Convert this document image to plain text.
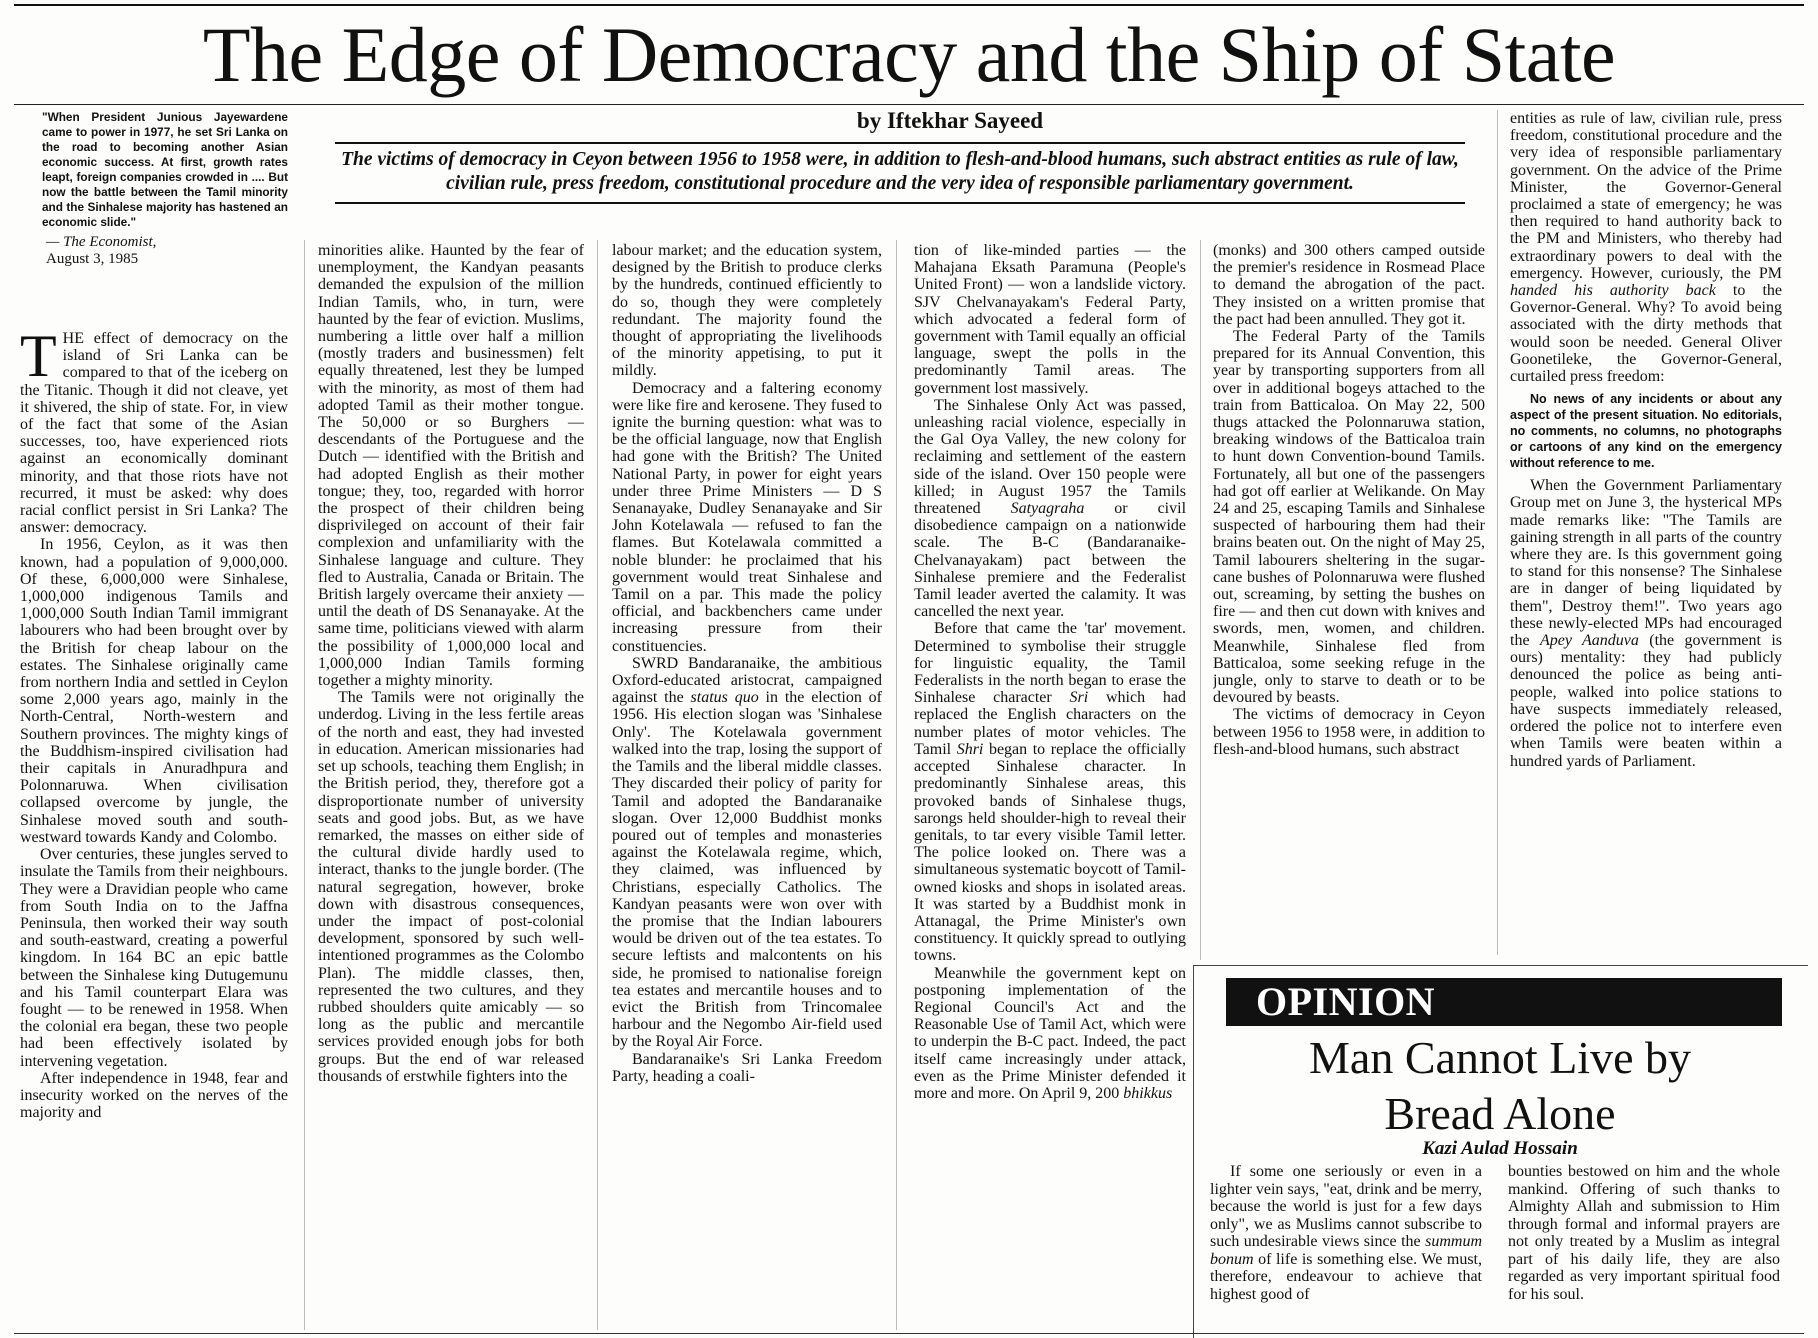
The Edge of Democracy and the Ship of State
by Iftekhar Sayeed

The victims of democracy in Ceyon between 1956 to 1958 were, in addition to flesh-and-blood humans, such abstract entities as rule of law, civilian rule, press freedom, constitutional procedure and the very idea of responsible parliamentary government.

"When President Junious Jayewardene came to power in 1977, he set Sri Lanka on the road to becoming another Asian economic success. At first, growth rates leapt, foreign companies crowded in .... But now the battle between the Tamil minority and the Sinhalese majority has hastened an economic slide."

— The Economist,

August 3, 1985

THE effect of democracy on the island of Sri Lanka can be compared to that of the iceberg on the Titanic. Though it did not cleave, yet it shivered, the ship of state. For, in view of the fact that some of the Asian successes, too, have experienced riots against an economically dominant minority, and that those riots have not recurred, it must be asked: why does racial conflict persist in Sri Lanka? The answer: democracy.

In 1956, Ceylon, as it was then known, had a population of 9,000,000. Of these, 6,000,000 were Sinhalese, 1,000,000 indigenous Tamils and 1,000,000 South Indian Tamil immigrant labourers who had been brought over by the British for cheap labour on the estates. The Sinhalese originally came from northern India and settled in Ceylon some 2,000 years ago, mainly in the North-Central, North-western and Southern provinces. The mighty kings of the Buddhism-inspired civilisation had their capitals in Anuradhpura and Polonnaruwa. When civilisation collapsed overcome by jungle, the Sinhalese moved south and south-westward towards Kandy and Colombo.

Over centuries, these jungles served to insulate the Tamils from their neighbours. They were a Dravidian people who came from South India on to the Jaffna Peninsula, then worked their way south and south-eastward, creating a powerful kingdom. In 164 BC an epic battle between the Sinhalese king Dutugemunu and his Tamil counterpart Elara was fought — to be renewed in 1958. When the colonial era began, these two people had been effectively isolated by intervening vegetation.

After independence in 1948, fear and insecurity worked on the nerves of the majority and

minorities alike. Haunted by the fear of unemployment, the Kandyan peasants demanded the expulsion of the million Indian Tamils, who, in turn, were haunted by the fear of eviction. Muslims, numbering a little over half a million (mostly traders and businessmen) felt equally threatened, lest they be lumped with the minority, as most of them had adopted Tamil as their mother tongue. The 50,000 or so Burghers — descendants of the Portuguese and the Dutch — identified with the British and had adopted English as their mother tongue; they, too, regarded with horror the prospect of their children being disprivileged on account of their fair complexion and unfamiliarity with the Sinhalese language and culture. They fled to Australia, Canada or Britain. The British largely overcame their anxiety — until the death of DS Senanayake. At the same time, politicians viewed with alarm the possibility of 1,000,000 local and 1,000,000 Indian Tamils forming together a mighty minority.

The Tamils were not originally the underdog. Living in the less fertile areas of the north and east, they had invested in education. American missionaries had set up schools, teaching them English; in the British period, they, therefore got a disproportionate number of university seats and good jobs. But, as we have remarked, the masses on either side of the cultural divide hardly used to interact, thanks to the jungle border. (The natural segregation, however, broke down with disastrous consequences, under the impact of post-colonial development, sponsored by such well-intentioned programmes as the Colombo Plan). The middle classes, then, represented the two cultures, and they rubbed shoulders quite amicably — so long as the public and mercantile services provided enough jobs for both groups. But the end of war released thousands of erstwhile fighters into the

labour market; and the education system, designed by the British to produce clerks by the hundreds, continued efficiently to do so, though they were completely redundant. The majority found the thought of appropriating the livelihoods of the minority appetising, to put it mildly.

Democracy and a faltering economy were like fire and kerosene. They fused to ignite the burning question: what was to be the official language, now that English had gone with the British? The United National Party, in power for eight years under three Prime Ministers — D S Senanayake, Dudley Senanayake and Sir John Kotelawala — refused to fan the flames. But Kotelawala committed a noble blunder: he proclaimed that his government would treat Sinhalese and Tamil on a par. This made the policy official, and backbenchers came under increasing pressure from their constituencies.

SWRD Bandaranaike, the ambitious Oxford-educated aristocrat, campaigned against the status quo in the election of 1956. His election slogan was 'Sinhalese Only'. The Kotelawala government walked into the trap, losing the support of the Tamils and the liberal middle classes. They discarded their policy of parity for Tamil and adopted the Bandaranaike slogan. Over 12,000 Buddhist monks poured out of temples and monasteries against the Kotelawala regime, which, they claimed, was influenced by Christians, especially Catholics. The Kandyan peasants were won over with the promise that the Indian labourers would be driven out of the tea estates. To secure leftists and malcontents on his side, he promised to nationalise foreign tea estates and mercantile houses and to evict the British from Trincomalee harbour and the Negombo Air-field used by the Royal Air Force.

Bandaranaike's Sri Lanka Freedom Party, heading a coali-

tion of like-minded parties — the Mahajana Eksath Paramuna (People's United Front) — won a landslide victory. SJV Chelvanayakam's Federal Party, which advocated a federal form of government with Tamil equally an official language, swept the polls in the predominantly Tamil areas. The government lost massively.

The Sinhalese Only Act was passed, unleashing racial violence, especially in the Gal Oya Valley, the new colony for reclaiming and settlement of the eastern side of the island. Over 150 people were killed; in August 1957 the Tamils threatened Satyagraha or civil disobedience campaign on a nationwide scale. The B-C (Bandaranaike-Chelvanayakam) pact between the Sinhalese premiere and the Federalist Tamil leader averted the calamity. It was cancelled the next year.

Before that came the 'tar' movement. Determined to symbolise their struggle for linguistic equality, the Tamil Federalists in the north began to erase the Sinhalese character Sri which had replaced the English characters on the number plates of motor vehicles. The Tamil Shri began to replace the officially accepted Sinhalese character. In predominantly Sinhalese areas, this provoked bands of Sinhalese thugs, sarongs held shoulder-high to reveal their genitals, to tar every visible Tamil letter. The police looked on. There was a simultaneous systematic boycott of Tamil-owned kiosks and shops in isolated areas. It was started by a Buddhist monk in Attanagal, the Prime Minister's own constituency. It quickly spread to outlying towns.

Meanwhile the government kept on postponing implementation of the Regional Council's Act and the Reasonable Use of Tamil Act, which were to underpin the B-C pact. Indeed, the pact itself came increasingly under attack, even as the Prime Minister defended it more and more. On April 9, 200 bhikkus

(monks) and 300 others camped outside the premier's residence in Rosmead Place to demand the abrogation of the pact. They insisted on a written promise that the pact had been annulled. They got it.

The Federal Party of the Tamils prepared for its Annual Convention, this year by transporting supporters from all over in additional bogeys attached to the train from Batticaloa. On May 22, 500 thugs attacked the Polonnaruwa station, breaking windows of the Batticaloa train to hunt down Convention-bound Tamils. Fortunately, all but one of the passengers had got off earlier at Welikande. On May 24 and 25, escaping Tamils and Sinhalese suspected of harbouring them had their brains beaten out. On the night of May 25, Tamil labourers sheltering in the sugar-cane bushes of Polonnaruwa were flushed out, screaming, by setting the bushes on fire — and then cut down with knives and swords, men, women, and children. Meanwhile, Sinhalese fled from Batticaloa, some seeking refuge in the jungle, only to starve to death or to be devoured by beasts.

The victims of democracy in Ceyon between 1956 to 1958 were, in addition to flesh-and-blood humans, such abstract

entities as rule of law, civilian rule, press freedom, constitutional procedure and the very idea of responsible parliamentary government. On the advice of the Prime Minister, the Governor-General proclaimed a state of emergency; he was then required to hand authority back to the PM and Ministers, who thereby had extraordinary powers to deal with the emergency. However, curiously, the PM handed his authority back to the Governor-General. Why? To avoid being associated with the dirty methods that would soon be needed. General Oliver Goonetileke, the Governor-General, curtailed press freedom:

No news of any incidents or about any aspect of the present situation. No editorials, no comments, no columns, no photographs or cartoons of any kind on the emergency without reference to me.

When the Government Parliamentary Group met on June 3, the hysterical MPs made remarks like: "The Tamils are gaining strength in all parts of the country where they are. Is this government going to stand for this nonsense? The Sinhalese are in danger of being liquidated by them", Destroy them!". Two years ago these newly-elected MPs had encouraged the Apey Aanduva (the government is ours) mentality: they had publicly denounced the police as being anti-people, walked into police stations to have suspects immediately released, ordered the police not to interfere even when Tamils were beaten within a hundred yards of Parliament.

OPINION
Man Cannot Live by
Bread Alone
Kazi Aulad Hossain

If some one seriously or even in a lighter vein says, "eat, drink and be merry, because the world is just for a few days only", we as Muslims cannot subscribe to such undesirable views since the summum bonum of life is something else. We must, therefore, endeavour to achieve that highest good of

bounties bestowed on him and the whole mankind. Offering of such thanks to Almighty Allah and submission to Him through formal and informal prayers are not only treated by a Muslim as integral part of his daily life, they are also regarded as very important spiritual food for his soul.
